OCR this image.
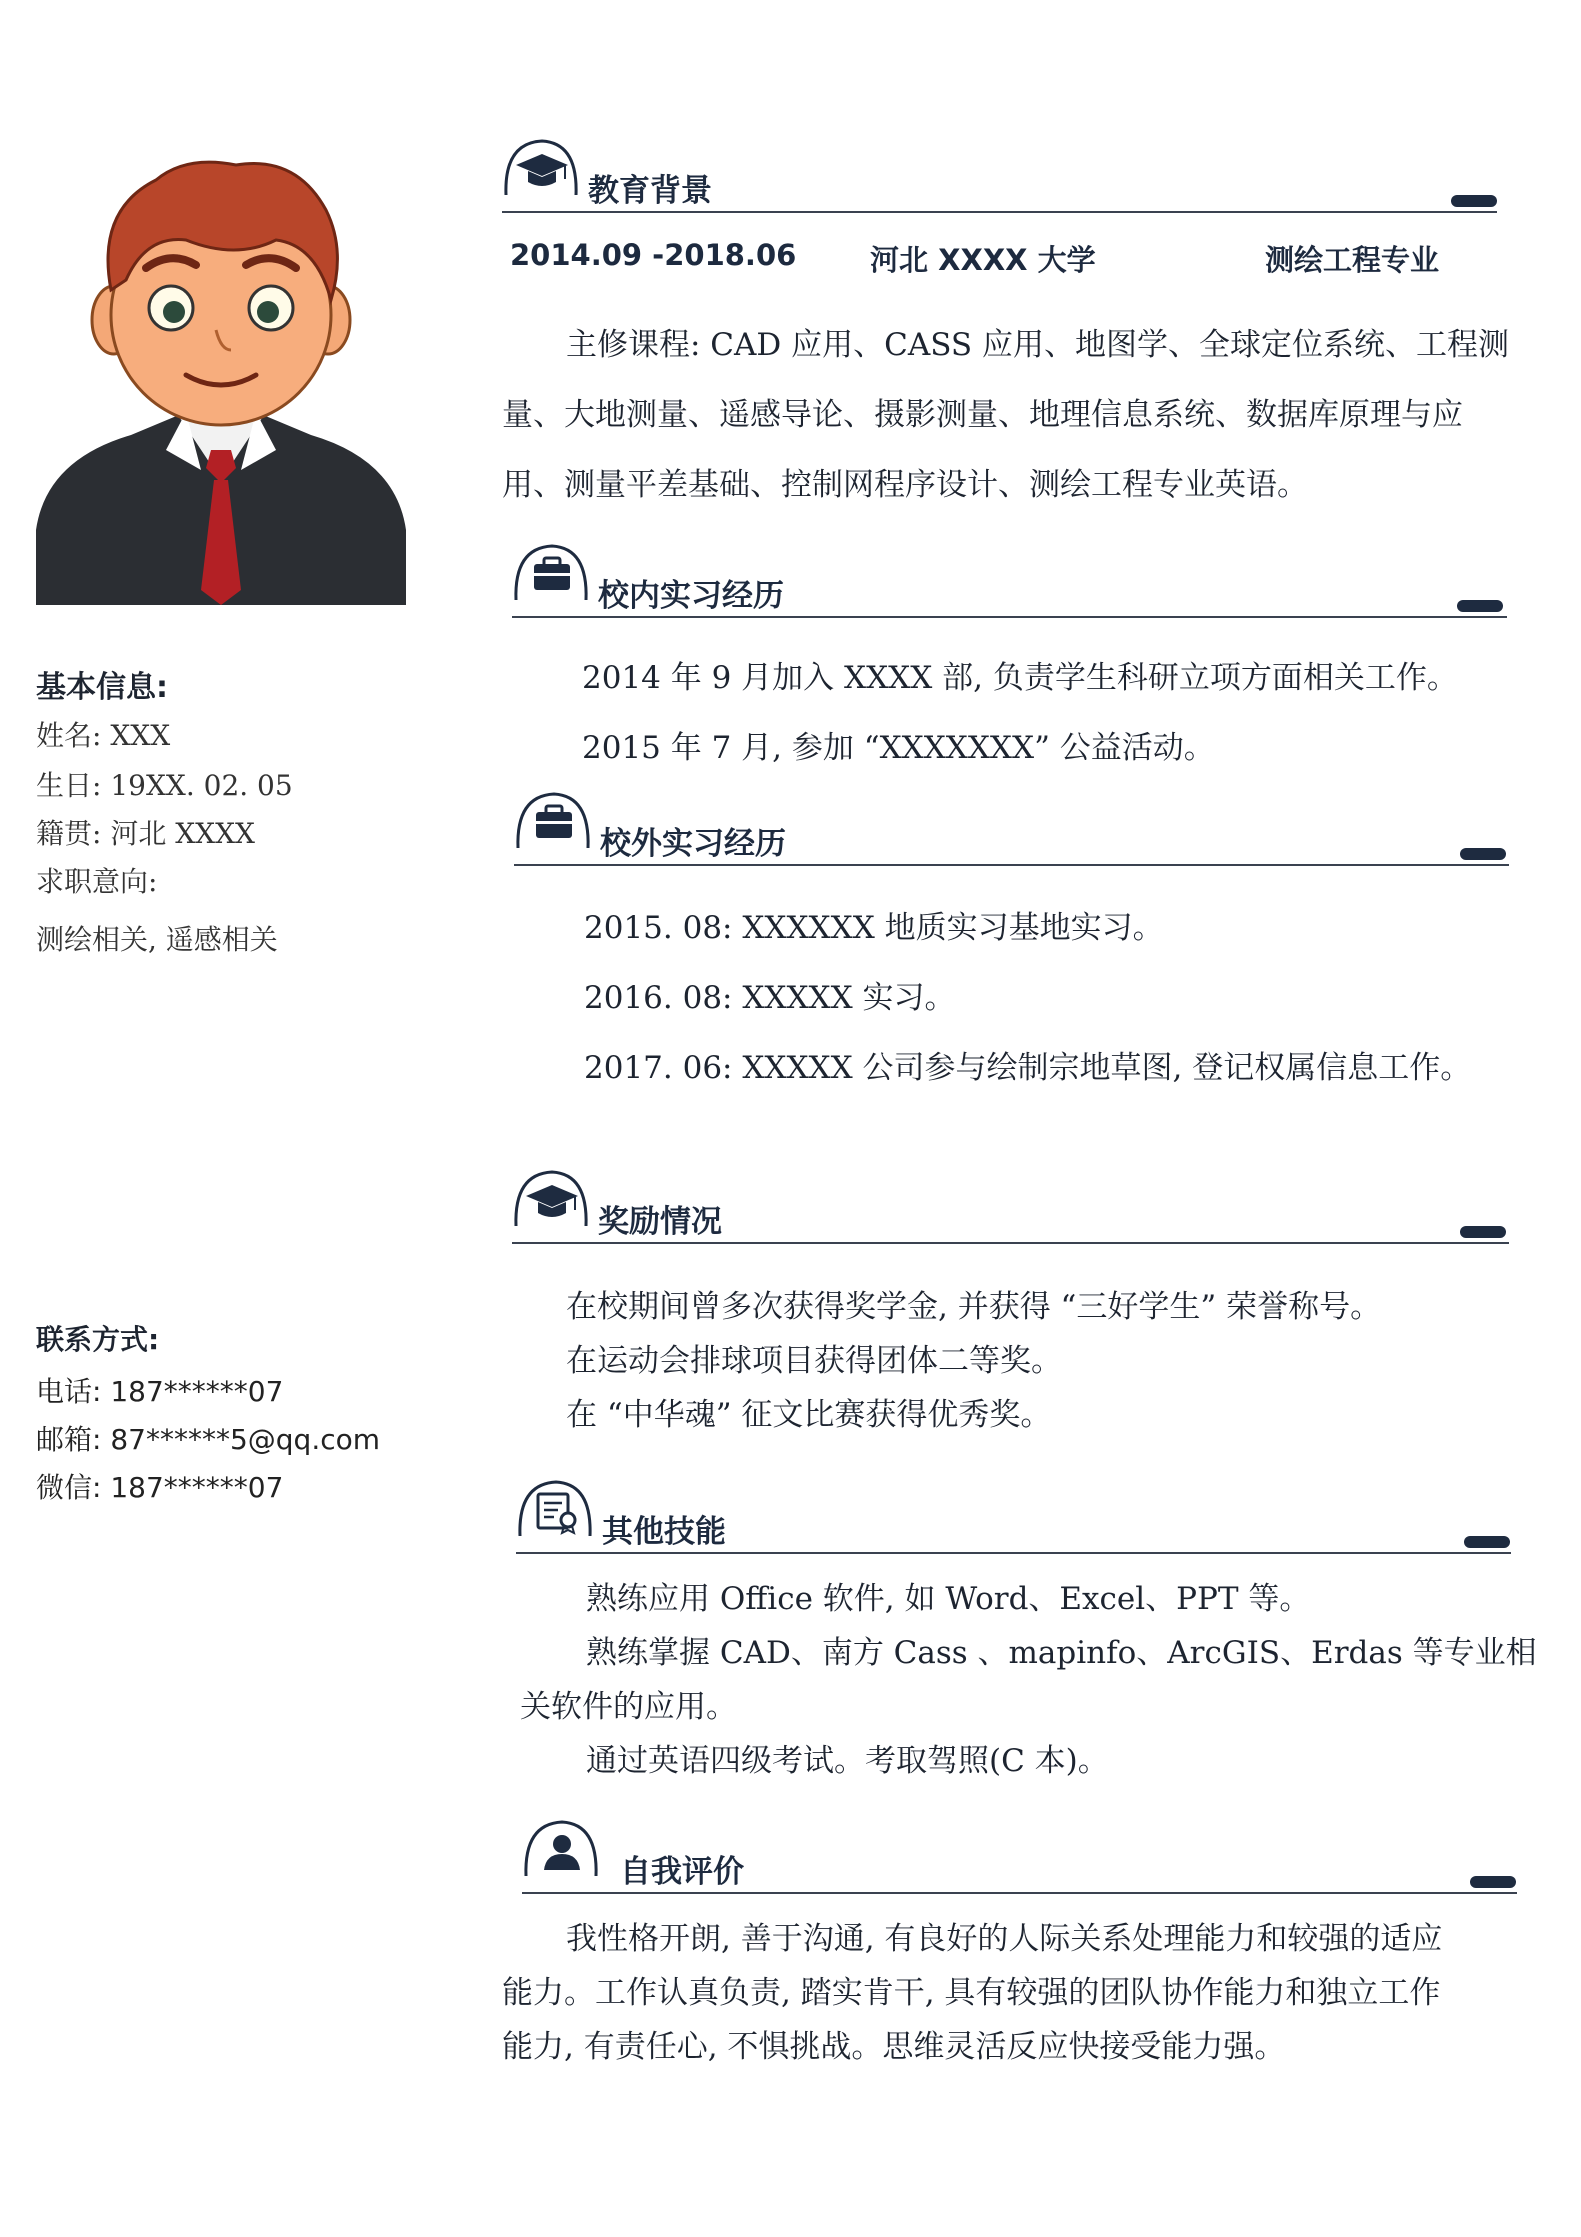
基本信息:
姓名: XXX
生日: 19XX. 02. 05
籍贯: 河北 XXXX
求职意向:
测绘相关, 遥感相关
联系方式:
电话: 187******07
邮箱: 87******5@qq.com
微信: 187******07
教育背景
2014.09 -2018.06	河北 XXXX 大学	测绘工程专业
主修课程: CAD 应用、CASS 应用、地图学、全球定位系统、工程测
量、大地测量、遥感导论、摄影测量、地理信息系统、数据库原理与应
用、测量平差基础、控制网程序设计、测绘工程专业英语。
校内实习经历
2014 年 9 月加入 XXXX 部, 负责学生科研立项方面相关工作。
2015 年 7 月, 参加 “XXXXXXX” 公益活动。
校外实习经历
2015. 08: XXXXXX 地质实习基地实习。
2016. 08: XXXXX 实习。
2017. 06: XXXXX 公司参与绘制宗地草图, 登记权属信息工作。
奖励情况
在校期间曾多次获得奖学金, 并获得 “三好学生” 荣誉称号。
在运动会排球项目获得团体二等奖。
在 “中华魂” 征文比赛获得优秀奖。
其他技能
熟练应用 Office 软件, 如 Word、Excel、PPT 等。
熟练掌握 CAD、南方 Cass 、mapinfo、ArcGIS、Erdas 等专业相
关软件的应用。
通过英语四级考试。考取驾照(C 本)。
自我评价
我性格开朗, 善于沟通, 有良好的人际关系处理能力和较强的适应
能力。工作认真负责, 踏实肯干, 具有较强的团队协作能力和独立工作
能力, 有责任心, 不惧挑战。思维灵活反应快接受能力强。
